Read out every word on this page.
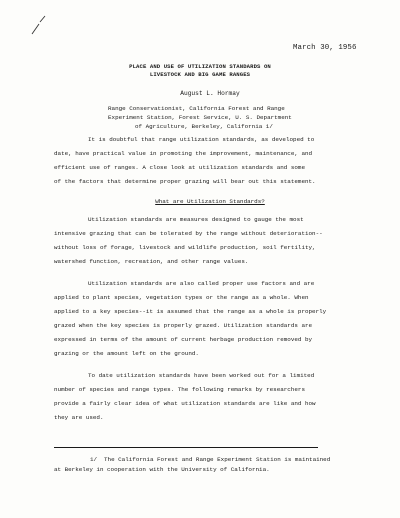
March 30, 1956
PLACE AND USE OF UTILIZATION STANDARDS ON
LIVESTOCK AND BIG GAME RANGES
August L. Hormay
Range Conservationist, California Forest and Range
Experiment Station, Forest Service, U. S. Department
of Agriculture, Berkeley, California 1/
It is doubtful that range utilization standards, as developed to
date, have practical value in promoting the improvement, maintenance, and
efficient use of ranges. A close look at utilization standards and some
of the factors that determine proper grazing will bear out this statement.
What are Utilization Standards?
Utilization standards are measures designed to gauge the most
intensive grazing that can be tolerated by the range without deterioration--
without loss of forage, livestock and wildlife production, soil fertility,
watershed function, recreation, and other range values.
Utilization standards are also called proper use factors and are
applied to plant species, vegetation types or the range as a whole. When
applied to a key species--it is assumed that the range as a whole is properly
grazed when the key species is properly grazed. Utilization standards are
expressed in terms of the amount of current herbage production removed by
grazing or the amount left on the ground.
To date utilization standards have been worked out for a limited
number of species and range types. The following remarks by researchers
provide a fairly clear idea of what utilization standards are like and how
they are used.
1/ The California Forest and Range Experiment Station is maintained
at Berkeley in cooperation with the University of California.
